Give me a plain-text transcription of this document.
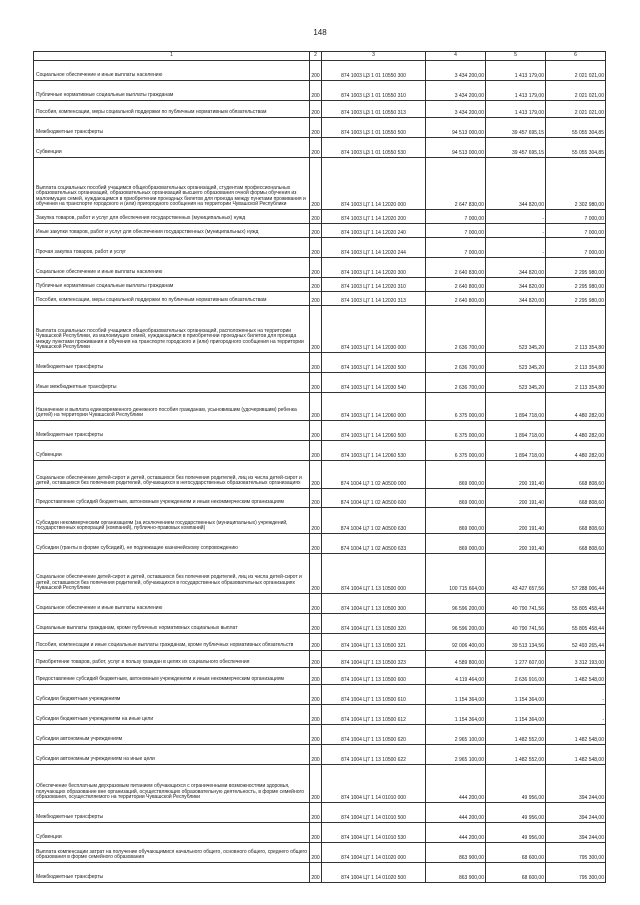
148
1	2	3	4	5	6
Социальное обеспечение и иные выплаты населению	200	874 1003 Ц3 1 01 10550 300	3 434 200,00	1 413 179,00	2 021 021,00
Публичные нормативные социальные выплаты гражданам	200	874 1003 Ц3 1 01 10550 310	3 434 200,00	1 413 179,00	2 021 021,00
Пособия, компенсации, меры социальной поддержки по публичным нормативным обязательствам	200	874 1003 Ц3 1 01 10550 313	3 434 200,00	1 413 179,00	2 021 021,00
Межбюджетные трансферты	200	874 1003 Ц3 1 01 10550 500	94 513 000,00	39 457 695,15	55 055 304,85
Субвенции	200	874 1003 Ц3 1 01 10550 530	94 513 000,00	39 457 695,15	55 055 304,85
Выплата социальных пособий учащимся общеобразовательных организаций, студентам профессиональных образовательных организаций, образовательных организаций высшего образования очной формы обучения из малоимущих семей, нуждающимся в приобретении проездных билетов для проезда между пунктами проживания и обучения на транспорте городского и (или) пригородного сообщения на территории Чувашской Республики	200	874 1003 Ц7 1 14 12020 000	2 647 830,00	344 820,00	2 302 980,00
Закупка товаров, работ и услуг для обеспечения государственных (муниципальных) нужд	200	874 1003 Ц7 1 14 12020 200	7 000,00	-	7 000,00
Иные закупки товаров, работ и услуг для обеспечения государственных (муниципальных) нужд	200	874 1003 Ц7 1 14 12020 240	7 000,00	-	7 000,00
Прочая закупка товаров, работ и услуг	200	874 1003 Ц7 1 14 12020 244	7 000,00	-	7 000,00
Социальное обеспечение и иные выплаты населению	200	874 1003 Ц7 1 14 12020 300	2 640 830,00	344 820,00	2 295 980,00
Публичные нормативные социальные выплаты гражданам	200	874 1003 Ц7 1 14 12020 310	2 640 800,00	344 820,00	2 295 980,00
Пособия, компенсации, меры социальной поддержки по публичным нормативным обязательствам	200	874 1003 Ц7 1 14 12020 313	2 640 800,00	344 820,00	2 295 980,00
Выплата социальных пособий учащимся общеобразовательных организаций, расположенных на территории Чувашской Республики, из малоимущих семей, нуждающимся в приобретении проездных билетов для проезда между пунктами проживания и обучения на транспорте городского и (или) пригородного сообщения на территории Чувашской Республики	200	874 1003 Ц7 1 14 12030 000	2 636 700,00	523 345,20	2 113 354,80
Межбюджетные трансферты	200	874 1003 Ц7 1 14 12030 500	2 636 700,00	523 345,20	2 113 354,80
Иные межбюджетные трансферты	200	874 1003 Ц7 1 14 12030 540	2 636 700,00	523 345,20	2 113 354,80
Назначение и выплата единовременного денежного пособия гражданам, усыновившим (удочерившим) ребенка (детей) на территории Чувашской Республики	200	874 1003 Ц7 1 14 12060 000	6 375 000,00	1 894 718,00	4 480 282,00
Межбюджетные трансферты	200	874 1003 Ц7 1 14 12060 500	6 375 000,00	1 894 718,00	4 480 282,00
Субвенции	200	874 1003 Ц7 1 14 12060 530	6 375 000,00	1 894 718,00	4 480 282,00
Социальное обеспечение детей-сирот и детей, оставшихся без попечения родителей, лиц из числа детей-сирот и детей, оставшихся без попечения родителей, обучающихся в негосударственных образовательных организациях	200	874 1004 Ц7 1 02 А0500 000	869 000,00	200 191,40	668 808,60
Предоставление субсидий бюджетным, автономным учреждениям и иным некоммерческим организациям	200	874 1004 Ц7 1 02 А0500 600	869 000,00	200 191,40	668 808,60
Субсидии некоммерческим организациям (за исключением государственных (муниципальных) учреждений, государственных корпораций (компаний), публично-правовых компаний)	200	874 1004 Ц7 1 02 А0500 630	869 000,00	200 191,40	668 808,60
Субсидии (гранты в форме субсидий), не подлежащие казначейскому сопровождению	200	874 1004 Ц7 1 02 А0500 633	869 000,00	200 191,40	668 808,60
Социальное обеспечение детей-сирот и детей, оставшихся без попечения родителей, лиц из числа детей-сирот и детей, оставшихся без попечения родителей, обучающихся в государственных образовательных организациях Чувашской Республики	200	874 1004 Ц7 1 13 10500 000	100 715 664,00	43 427 657,56	57 288 006,44
Социальное обеспечение и иные выплаты населению	200	874 1004 Ц7 1 13 10500 300	96 596 200,00	40 790 741,56	55 805 458,44
Социальные выплаты гражданам, кроме публичных нормативных социальных выплат	200	874 1004 Ц7 1 13 10500 320	96 596 200,00	40 790 741,56	55 805 458,44
Пособия, компенсации и иные социальные выплаты гражданам, кроме публичных нормативных обязательств	200	874 1004 Ц7 1 13 10500 321	92 006 400,00	39 513 134,56	52 493 265,44
Приобретение товаров, работ, услуг в пользу граждан в целях их социального обеспечения	200	874 1004 Ц7 1 13 10500 323	4 589 800,00	1 277 607,00	3 312 193,00
Предоставление субсидий бюджетным, автономным учреждениям и иным некоммерческим организациям	200	874 1004 Ц7 1 13 10500 600	4 119 464,00	2 636 916,00	1 482 548,00
Субсидии бюджетным учреждениям	200	874 1004 Ц7 1 13 10500 610	1 154 364,00	1 154 364,00	-
Субсидии бюджетным учреждениям на иные цели	200	874 1004 Ц7 1 13 10500 612	1 154 364,00	1 154 364,00	-
Субсидии автономным учреждениям	200	874 1004 Ц7 1 13 10500 620	2 965 100,00	1 482 552,00	1 482 548,00
Субсидии автономным учреждениям на иные цели	200	874 1004 Ц7 1 13 10500 622	2 965 100,00	1 482 552,00	1 482 548,00
Обеспечение бесплатным двухразовым питанием обучающихся с ограниченными возможностями здоровья, получающих образование вне организаций, осуществляющих образовательную деятельность, в форме семейного образования, осуществляемого на территории Чувашской Республики	200	874 1004 Ц7 1 14 01010 000	444 200,00	49 956,00	394 244,00
Межбюджетные трансферты	200	874 1004 Ц7 1 14 01010 500	444 200,00	49 956,00	394 244,00
Субвенции	200	874 1004 Ц7 1 14 01010 530	444 200,00	49 956,00	394 244,00
Выплата компенсации затрат на получение обучающимися начального общего, основного общего, среднего общего образования в форме семейного образования	200	874 1004 Ц7 1 14 01020 000	863 900,00	68 600,00	795 300,00
Межбюджетные трансферты	200	874 1004 Ц7 1 14 01020 500	863 900,00	68 600,00	795 300,00
